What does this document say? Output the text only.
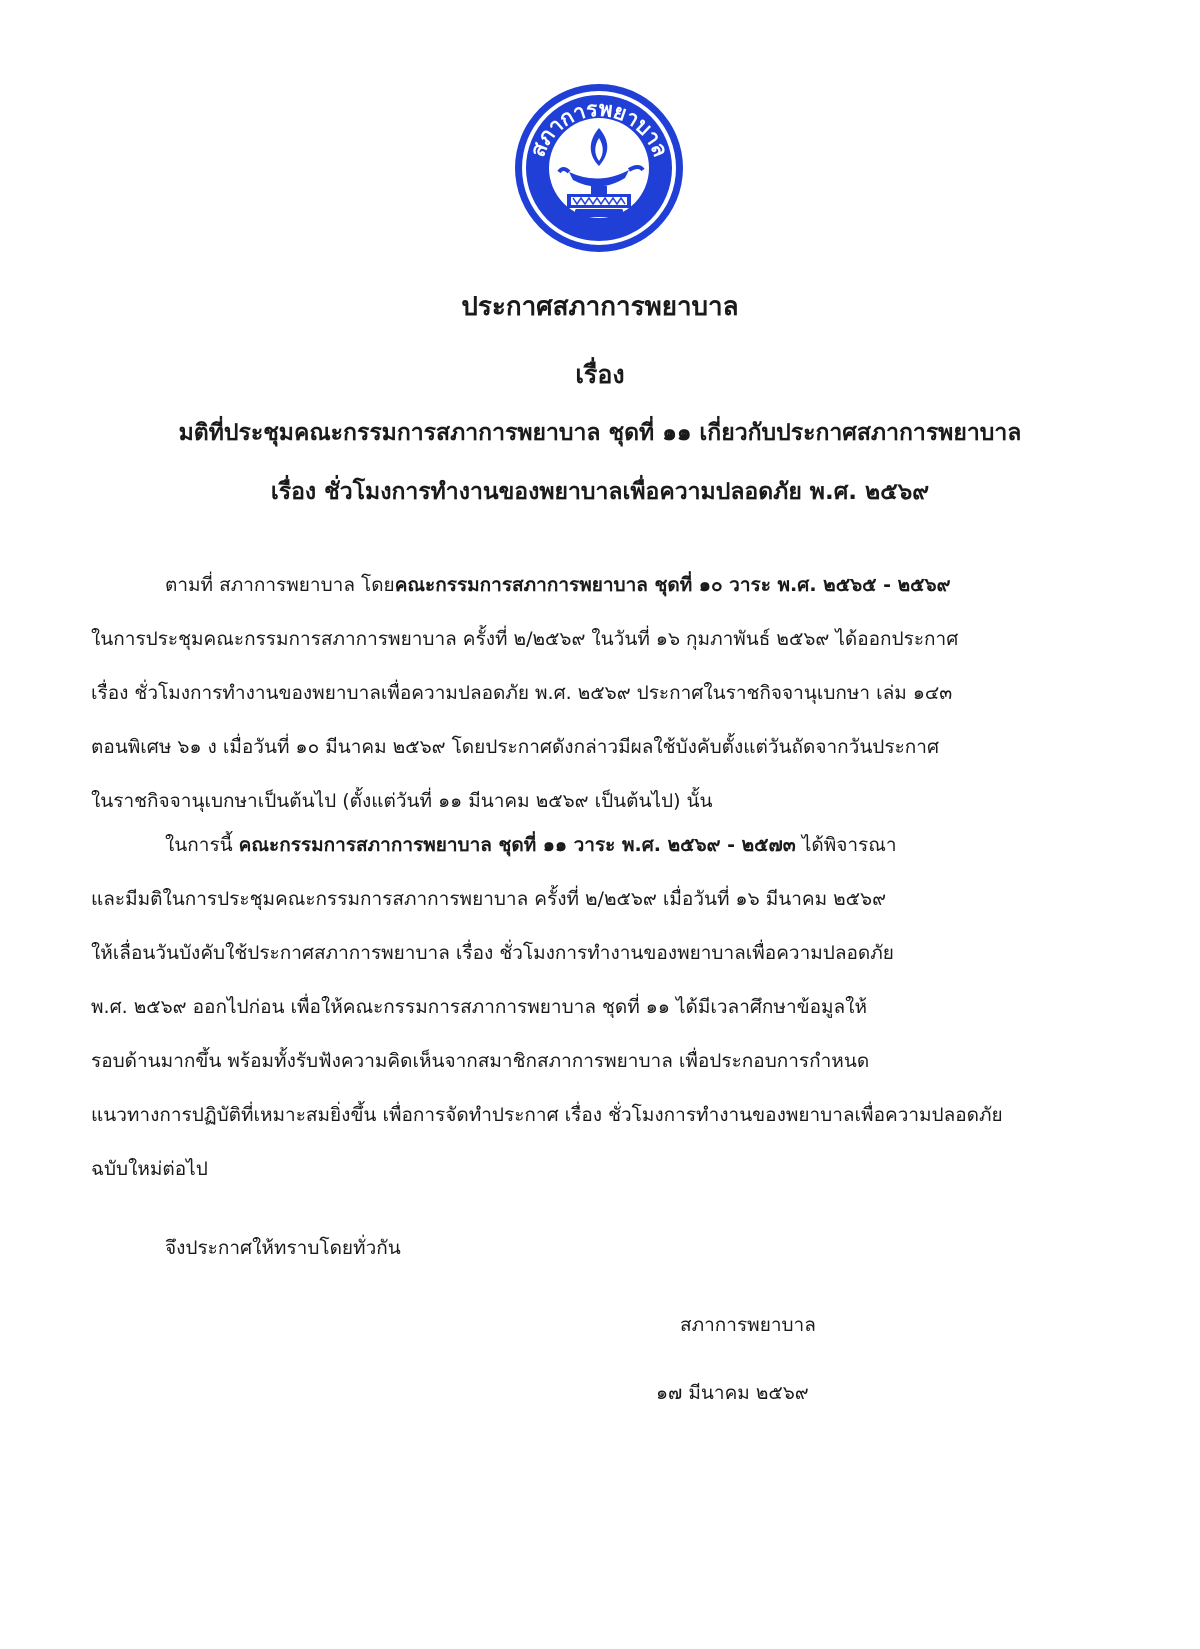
สภาการพยาบาล
ประกาศสภาการพยาบาล
เรื่อง
มติที่ประชุมคณะกรรมการสภาการพยาบาล ชุดที่ ๑๑ เกี่ยวกับประกาศสภาการพยาบาล
เรื่อง ชั่วโมงการทำงานของพยาบาลเพื่อความปลอดภัย พ.ศ. ๒๕๖๙
ตามที่ สภาการพยาบาล โดยคณะกรรมการสภาการพยาบาล ชุดที่ ๑๐ วาระ พ.ศ. ๒๕๖๕ - ๒๕๖๙
ในการประชุมคณะกรรมการสภาการพยาบาล ครั้งที่ ๒/๒๕๖๙ ในวันที่ ๑๖ กุมภาพันธ์ ๒๕๖๙ ได้ออกประกาศ
เรื่อง ชั่วโมงการทำงานของพยาบาลเพื่อความปลอดภัย พ.ศ. ๒๕๖๙ ประกาศในราชกิจจานุเบกษา เล่ม ๑๔๓
ตอนพิเศษ ๖๑ ง เมื่อวันที่ ๑๐ มีนาคม ๒๕๖๙ โดยประกาศดังกล่าวมีผลใช้บังคับตั้งแต่วันถัดจากวันประกาศ
ในราชกิจจานุเบกษาเป็นต้นไป (ตั้งแต่วันที่ ๑๑ มีนาคม ๒๕๖๙ เป็นต้นไป) นั้น
ในการนี้ คณะกรรมการสภาการพยาบาล ชุดที่ ๑๑ วาระ พ.ศ. ๒๕๖๙ - ๒๕๗๓ ได้พิจารณา
และมีมติในการประชุมคณะกรรมการสภาการพยาบาล ครั้งที่ ๒/๒๕๖๙ เมื่อวันที่ ๑๖ มีนาคม ๒๕๖๙
ให้เลื่อนวันบังคับใช้ประกาศสภาการพยาบาล เรื่อง ชั่วโมงการทำงานของพยาบาลเพื่อความปลอดภัย
พ.ศ. ๒๕๖๙ ออกไปก่อน เพื่อให้คณะกรรมการสภาการพยาบาล ชุดที่ ๑๑ ได้มีเวลาศึกษาข้อมูลให้
รอบด้านมากขึ้น พร้อมทั้งรับฟังความคิดเห็นจากสมาชิกสภาการพยาบาล เพื่อประกอบการกำหนด
แนวทางการปฏิบัติที่เหมาะสมยิ่งขึ้น เพื่อการจัดทำประกาศ เรื่อง ชั่วโมงการทำงานของพยาบาลเพื่อความปลอดภัย
ฉบับใหม่ต่อไป
จึงประกาศให้ทราบโดยทั่วกัน
สภาการพยาบาล
๑๗ มีนาคม ๒๕๖๙
